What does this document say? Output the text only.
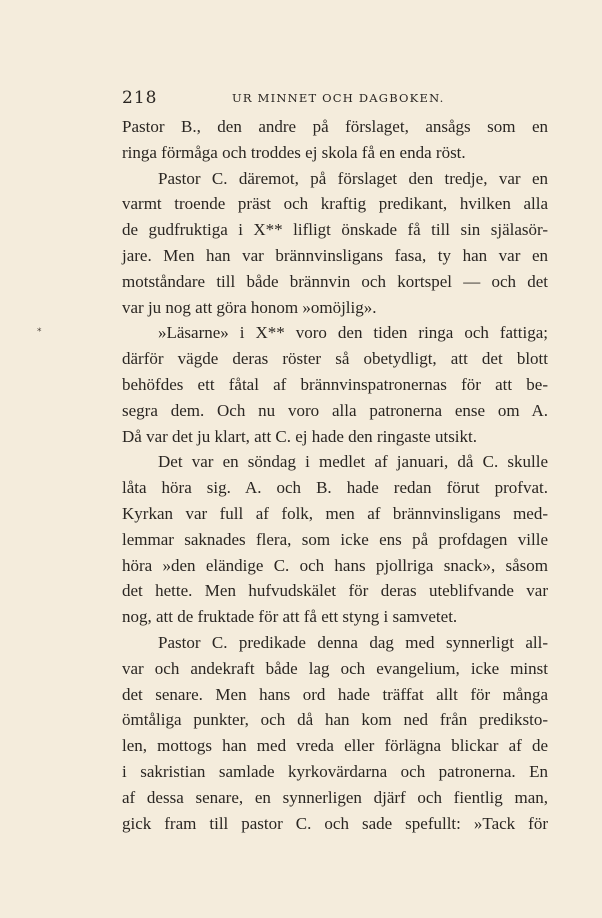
218	UR MINNET OCH DAGBOKEN.
*
Pastor B., den andre på förslaget, ansågs som en
ringa förmåga och troddes ej skola få en enda röst.
Pastor C. däremot, på förslaget den tredje, var en
varmt troende präst och kraftig predikant, hvilken alla
de gudfruktiga i X** lifligt önskade få till sin själasör-
jare. Men han var brännvinsligans fasa, ty han var en
motståndare till både brännvin och kortspel — och det
var ju nog att göra honom »omöjlig».
»Läsarne» i X** voro den tiden ringa och fattiga;
därför vägde deras röster så obetydligt, att det blott
behöfdes ett fåtal af brännvinspatronernas för att be-
segra dem. Och nu voro alla patronerna ense om A.
Då var det ju klart, att C. ej hade den ringaste utsikt.
Det var en söndag i medlet af januari, då C. skulle
låta höra sig. A. och B. hade redan förut profvat.
Kyrkan var full af folk, men af brännvinsligans med-
lemmar saknades flera, som icke ens på profdagen ville
höra »den eländige C. och hans pjollriga snack», såsom
det hette. Men hufvudskälet för deras uteblifvande var
nog, att de fruktade för att få ett styng i samvetet.
Pastor C. predikade denna dag med synnerligt all-
var och andekraft både lag och evangelium, icke minst
det senare. Men hans ord hade träffat allt för många
ömtåliga punkter, och då han kom ned från prediksto-
len, mottogs han med vreda eller förlägna blickar af de
i sakristian samlade kyrkovärdarna och patronerna. En
af dessa senare, en synnerligen djärf och fientlig man,
gick fram till pastor C. och sade spefullt: »Tack för
